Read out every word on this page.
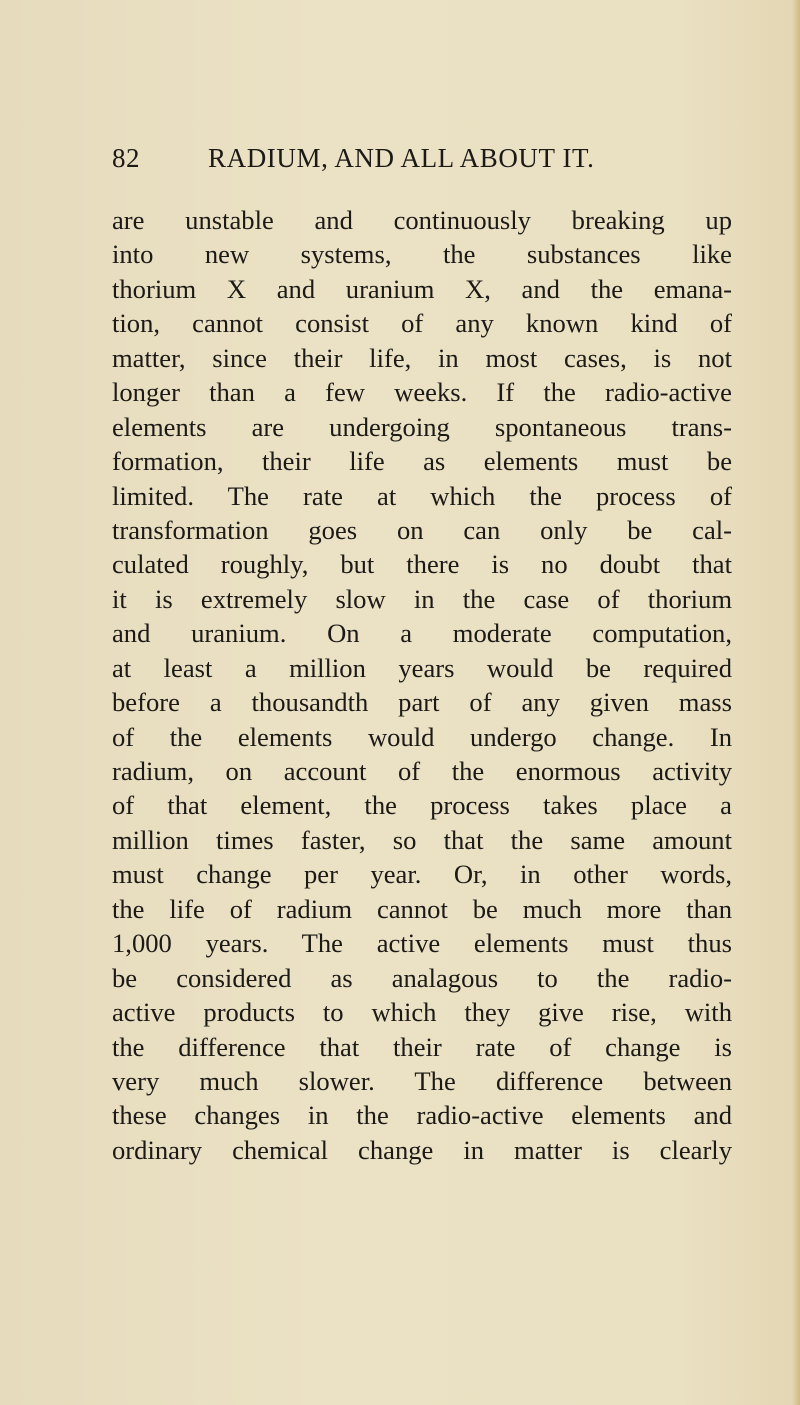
82	RADIUM, AND ALL ABOUT IT.
are unstable and continuously breaking up
into new systems, the substances like
thorium X and uranium X, and the emana-
tion, cannot consist of any known kind of
matter, since their life, in most cases, is not
longer than a few weeks. If the radio-active
elements are undergoing spontaneous trans-
formation, their life as elements must be
limited. The rate at which the process of
transformation goes on can only be cal-
culated roughly, but there is no doubt that
it is extremely slow in the case of thorium
and uranium. On a moderate computation,
at least a million years would be required
before a thousandth part of any given mass
of the elements would undergo change. In
radium, on account of the enormous activity
of that element, the process takes place a
million times faster, so that the same amount
must change per year. Or, in other words,
the life of radium cannot be much more than
1,000 years. The active elements must thus
be considered as analagous to the radio-
active products to which they give rise, with
the difference that their rate of change is
very much slower. The difference between
these changes in the radio-active elements and
ordinary chemical change in matter is clearly
